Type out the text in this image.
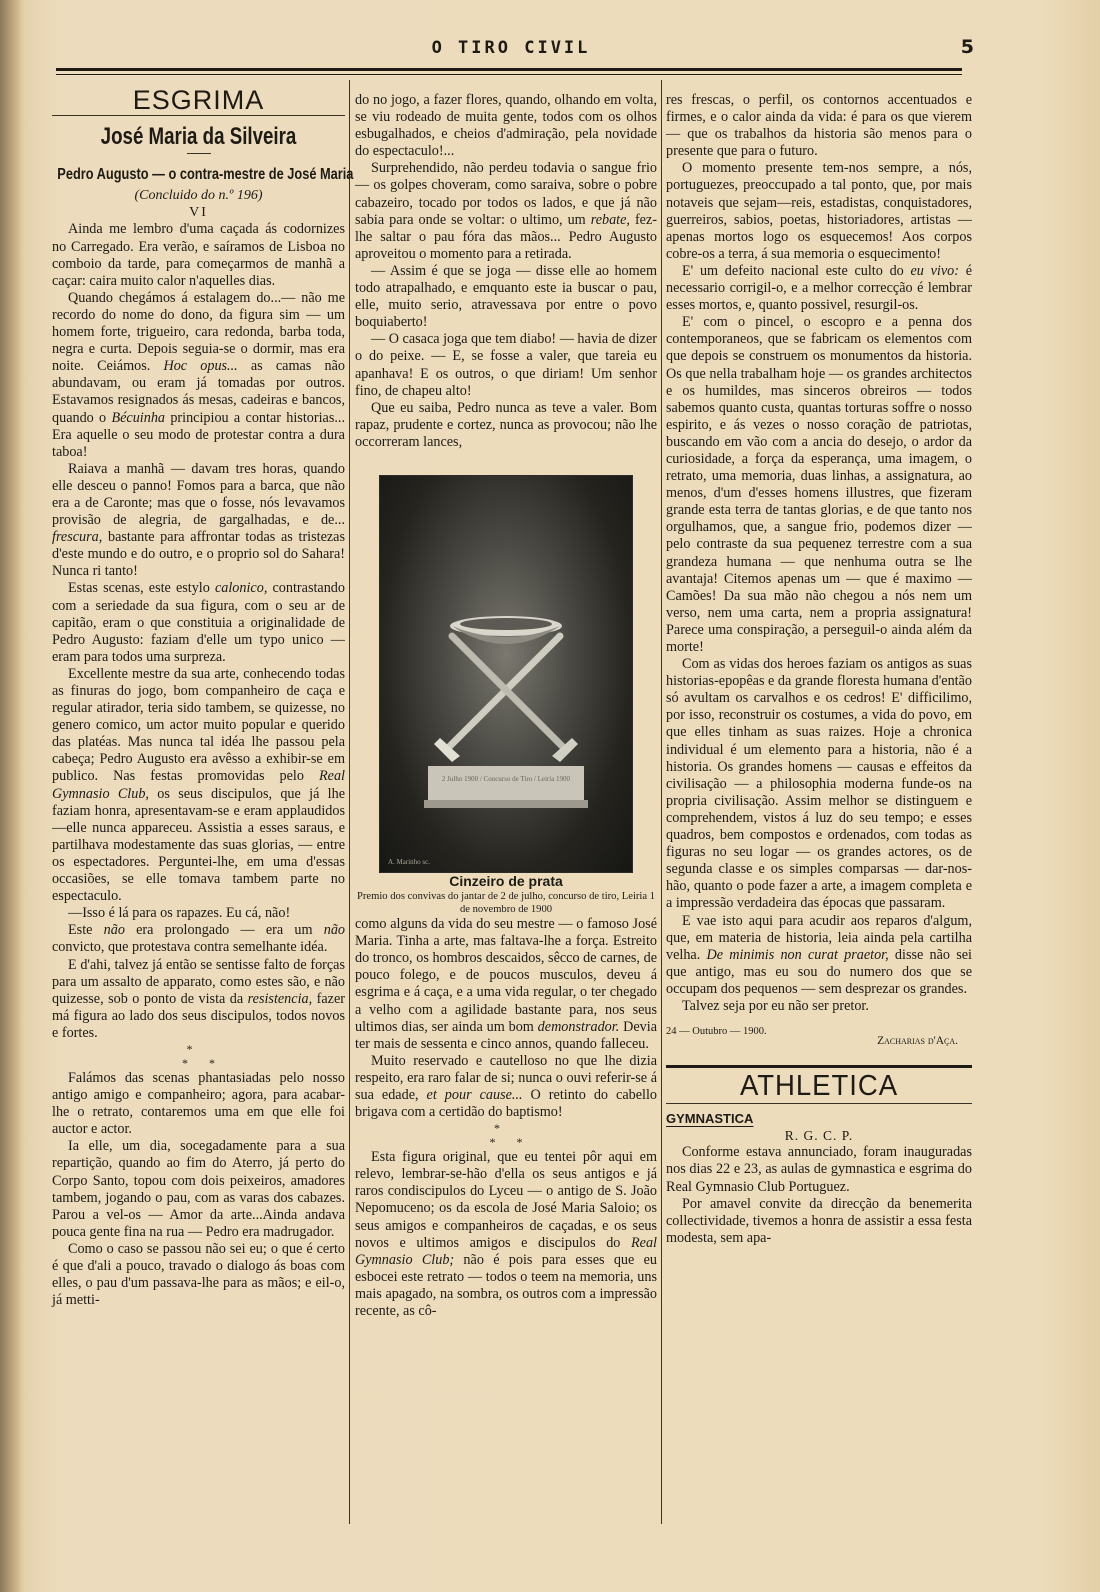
O TIRO CIVIL	5
ESGRIMA
José Maria da Silveira
Pedro Augusto — o contra-mestre de José Maria

(Concluido do n.º 196)

VI

Ainda me lembro d'uma caçada ás codornizes no Carregado. Era verão, e saíramos de Lisboa no comboio da tarde, para começarmos de manhã a caçar: caira muito calor n'aquelles dias.

Quando chegámos á estalagem do...— não me recordo do nome do dono, da figura sim — um homem forte, trigueiro, cara redonda, barba toda, negra e curta. Depois seguia-se o dormir, mas era noite. Ceiámos. Hoc opus... as camas não abundavam, ou eram já tomadas por outros. Estavamos resignados ás mesas, cadeiras e bancos, quando o Bécuinha principiou a contar historias... Era aquelle o seu modo de protestar contra a dura taboa!

Raiava a manhã — davam tres horas, quando elle desceu o panno! Fomos para a barca, que não era a de Caronte; mas que o fosse, nós levavamos provisão de alegria, de gargalhadas, e de... frescura, bastante para affrontar todas as tristezas d'este mundo e do outro, e o proprio sol do Sahara! Nunca ri tanto!

Estas scenas, este estylo calonico, contrastando com a seriedade da sua figura, com o seu ar de capitão, eram o que constituia a originalidade de Pedro Augusto: faziam d'elle um typo unico — eram para todos uma surpreza.

Excellente mestre da sua arte, conhecendo todas as finuras do jogo, bom companheiro de caça e regular atirador, teria sido tambem, se quizesse, no genero comico, um actor muito popular e querido das platéas. Mas nunca tal idéa lhe passou pela cabeça; Pedro Augusto era avêsso a exhibir-se em publico. Nas festas promovidas pelo Real Gymnasio Club, os seus discipulos, que já lhe faziam honra, apresentavam-se e eram applaudidos —elle nunca appareceu. Assistia a esses saraus, e partilhava modestamente das suas glorias, — entre os espectadores. Perguntei-lhe, em uma d'essas occasiões, se elle tomava tambem parte no espectaculo.

—Isso é lá para os rapazes. Eu cá, não!

Este não era prolongado — era um não convicto, que protestava contra semelhante idéa.

E d'ahi, talvez já então se sentisse falto de forças para um assalto de apparato, como estes são, e não quizesse, sob o ponto de vista da resistencia, fazer má figura ao lado dos seus discipulos, todos novos e fortes.

*
*       *

Falámos das scenas phantasiadas pelo nosso antigo amigo e companheiro; agora, para acabar-lhe o retrato, contaremos uma em que elle foi auctor e actor.

Ia elle, um dia, socegadamente para a sua repartição, quando ao fim do Aterro, já perto do Corpo Santo, topou com dois peixeiros, amadores tambem, jogando o pau, com as varas dos cabazes. Parou a vel-os — Amor da arte...Ainda andava pouca gente fina na rua — Pedro era madrugador.

Como o caso se passou não sei eu; o que é certo é que d'ali a pouco, travado o dialogo ás boas com elles, o pau d'um passava-lhe para as mãos; e eil-o, já metti-

do no jogo, a fazer flores, quando, olhando em volta, se viu rodeado de muita gente, todos com os olhos esbugalhados, e cheios d'admiração, pela novidade do espectaculo!...

Surprehendido, não perdeu todavia o sangue frio — os golpes choveram, como saraiva, sobre o pobre cabazeiro, tocado por todos os lados, e que já não sabia para onde se voltar: o ultimo, um rebate, fez-lhe saltar o pau fóra das mãos... Pedro Augusto aproveitou o momento para a retirada.

— Assim é que se joga — disse elle ao homem todo atrapalhado, e emquanto este ia buscar o pau, elle, muito serio, atravessava por entre o povo boquiaberto!

— O casaca joga que tem diabo! — havia de dizer o do peixe. — E, se fosse a valer, que tareia eu apanhava! E os outros, o que diriam! Um senhor fino, de chapeu alto!

Que eu saiba, Pedro nunca as teve a valer. Bom rapaz, prudente e cortez, nunca as provocou; não lhe occorreram lances,

2 Julho 1900 / Concurso de Tiro / Leiria 1900
A. Marinho sc.

Cinzeiro de prata

Premio dos convivas do jantar de 2 de julho, concurso de tiro, Leiria 1 de novembro de 1900

como alguns da vida do seu mestre — o famoso José Maria. Tinha a arte, mas faltava-lhe a força. Estreito do tronco, os hombros descaidos, sêcco de carnes, de pouco folego, e de poucos musculos, deveu á esgrima e á caça, e a uma vida regular, o ter chegado a velho com a agilidade bastante para, nos seus ultimos dias, ser ainda um bom demonstrador. Devia ter mais de sessenta e cinco annos, quando falleceu.

Muito reservado e cautelloso no que lhe dizia respeito, era raro falar de si; nunca o ouvi referir-se á sua edade, et pour cause... O retinto do cabello brigava com a certidão do baptismo!

*
*       *

Esta figura original, que eu tentei pôr aqui em relevo, lembrar-se-hão d'ella os seus antigos e já raros condiscipulos do Lyceu — o antigo de S. João Nepomuceno; os da escola de José Maria Saloio; os seus amigos e companheiros de caçadas, e os seus novos e ultimos amigos e discipulos do Real Gymnasio Club; não é pois para esses que eu esbocei este retrato — todos o teem na memoria, uns mais apagado, na sombra, os outros com a impressão recente, as cô-

res frescas, o perfil, os contornos accentuados e firmes, e o calor ainda da vida: é para os que vierem — que os trabalhos da historia são menos para o presente que para o futuro.

O momento presente tem-nos sempre, a nós, portuguezes, preoccupado a tal ponto, que, por mais notaveis que sejam—reis, estadistas, conquistadores, guerreiros, sabios, poetas, historiadores, artistas — apenas mortos logo os esquecemos! Aos corpos cobre-os a terra, á sua memoria o esquecimento!

E' um defeito nacional este culto do eu vivo: é necessario corrigil-o, e a melhor correcção é lembrar esses mortos, e, quanto possivel, resurgil-os.

E' com o pincel, o escopro e a penna dos contemporaneos, que se fabricam os elementos com que depois se construem os monumentos da historia. Os que nella trabalham hoje — os grandes architectos e os humildes, mas sinceros obreiros — todos sabemos quanto custa, quantas torturas soffre o nosso espirito, e ás vezes o nosso coração de patriotas, buscando em vão com a ancia do desejo, o ardor da curiosidade, a força da esperança, uma imagem, o retrato, uma memoria, duas linhas, a assignatura, ao menos, d'um d'esses homens illustres, que fizeram grande esta terra de tantas glorias, e de que tanto nos orgulhamos, que, a sangue frio, podemos dizer — pelo contraste da sua pequenez terrestre com a sua grandeza humana — que nenhuma outra se lhe avantaja! Citemos apenas um — que é maximo — Camões! Da sua mão não chegou a nós nem um verso, nem uma carta, nem a propria assignatura! Parece uma conspiração, a perseguil-o ainda além da morte!

Com as vidas dos heroes faziam os antigos as suas historias-epopêas e da grande floresta humana d'então só avultam os carvalhos e os cedros! E' difficilimo, por isso, reconstruir os costumes, a vida do povo, em que elles tinham as suas raizes. Hoje a chronica individual é um elemento para a historia, não é a historia. Os grandes homens — causas e effeitos da civilisação — a philosophia moderna funde-os na propria civilisação. Assim melhor se distinguem e comprehendem, vistos á luz do seu tempo; e esses quadros, bem compostos e ordenados, com todas as figuras no seu logar — os grandes actores, os de segunda classe e os simples comparsas — dar-nos-hão, quanto o pode fazer a arte, a imagem completa e a impressão verdadeira das épocas que passaram.

E vae isto aqui para acudir aos reparos d'algum, que, em materia de historia, leia ainda pela cartilha velha. De minimis non curat praetor, disse não sei que antigo, mas eu sou do numero dos que se occupam dos pequenos — sem desprezar os grandes.

Talvez seja por eu não ser pretor.

24 — Outubro — 1900.
Zacharias d'Aça.
ATHLETICA

GYMNASTICA

R. G. C. P.

Conforme estava annunciado, foram inauguradas nos dias 22 e 23, as aulas de gymnastica e esgrima do Real Gymnasio Club Portuguez.

Por amavel convite da direcção da benemerita collectividade, tivemos a honra de assistir a essa festa modesta, sem apa-
